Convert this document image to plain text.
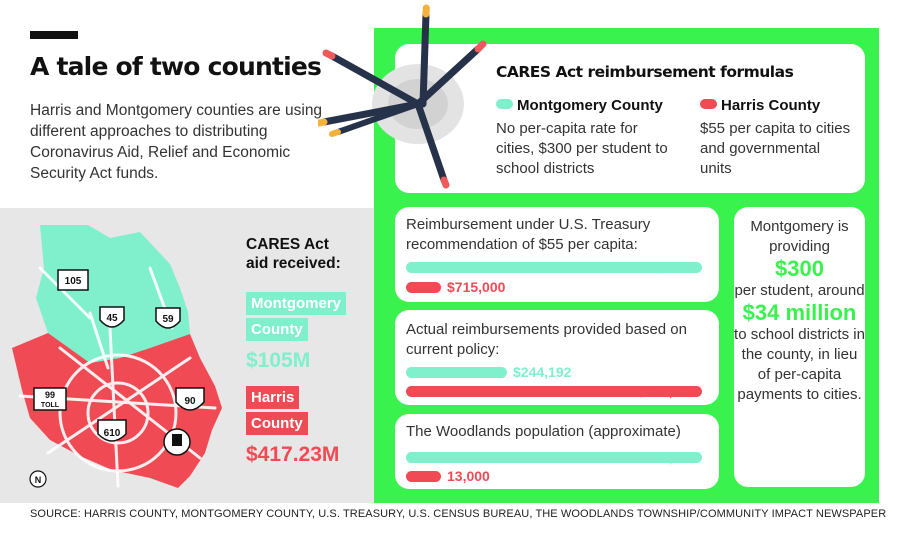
A tale of two counties

Harris and Montgomery counties are using different approaches to distributing Coronavirus Aid, Relief and Economic Security Act funds.

105
45	59
99
TOLL	90
610
N
CARES Act
aid received:
Montgomery
County
$105M
Harris
County
$417.23M
CARES Act reimbursement formulas
Montgomery County
No per-capita rate for cities, $300 per student to school districts
Harris County
$55 per capita to cities and governmental units
Reimbursement under U.S. Treasury recommendation of $55 per capita:
$6.1M
$715,000
Actual reimbursements provided based on current policy:
$244,192
$715,000
The Woodlands population (approximate)
110,000
13,000
Montgomery is providing
$300
per student, around
$34 million
to school districts in the county, in lieu of per-capita payments to cities.
SOURCE: HARRIS COUNTY, MONTGOMERY COUNTY, U.S. TREASURY, U.S. CENSUS BUREAU, THE WOODLANDS TOWNSHIP/COMMUNITY IMPACT NEWSPAPER
